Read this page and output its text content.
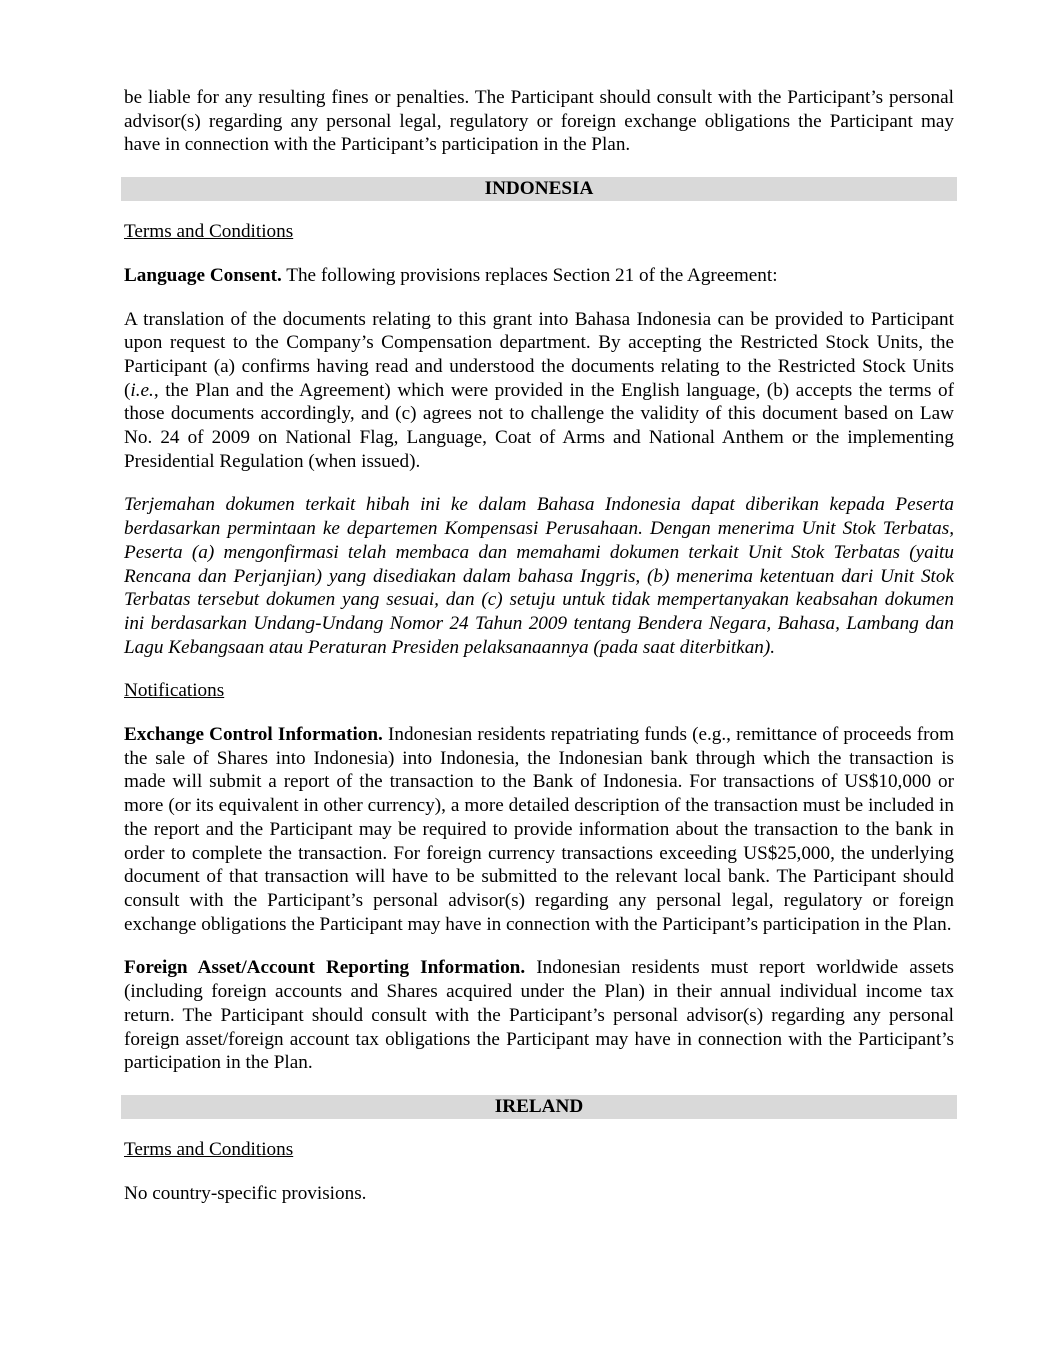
be liable for any resulting fines or penalties. The Participant should consult with the Participant’s personal advisor(s) regarding any personal legal, regulatory or foreign exchange obligations the Participant may have in connection with the Participant’s participation in the Plan.

INDONESIA

Terms and Conditions

Language Consent. The following provisions replaces Section 21 of the Agreement:

A translation of the documents relating to this grant into Bahasa Indonesia can be provided to Participant upon request to the Company’s Compensation department. By accepting the Restricted Stock Units, the Participant (a) confirms having read and understood the documents relating to the Restricted Stock Units (i.e., the Plan and the Agreement) which were provided in the English language, (b) accepts the terms of those documents accordingly, and (c) agrees not to challenge the validity of this document based on Law No. 24 of 2009 on National Flag, Language, Coat of Arms and National Anthem or the implementing Presidential Regulation (when issued).

Terjemahan dokumen terkait hibah ini ke dalam Bahasa Indonesia dapat diberikan kepada Peserta berdasarkan permintaan ke departemen Kompensasi Perusahaan. Dengan menerima Unit Stok Terbatas, Peserta (a) mengonfirmasi telah membaca dan memahami dokumen terkait Unit Stok Terbatas (yaitu Rencana dan Perjanjian) yang disediakan dalam bahasa Inggris, (b) menerima ketentuan dari Unit Stok Terbatas tersebut dokumen yang sesuai, dan (c) setuju untuk tidak mempertanyakan keabsahan dokumen ini berdasarkan Undang-Undang Nomor 24 Tahun 2009 tentang Bendera Negara, Bahasa, Lambang dan Lagu Kebangsaan atau Peraturan Presiden pelaksanaannya (pada saat diterbitkan).

Notifications

Exchange Control Information. Indonesian residents repatriating funds (e.g., remittance of proceeds from the sale of Shares into Indonesia) into Indonesia, the Indonesian bank through which the transaction is made will submit a report of the transaction to the Bank of Indonesia. For transactions of US$10,000 or more (or its equivalent in other currency), a more detailed description of the transaction must be included in the report and the Participant may be required to provide information about the transaction to the bank in order to complete the transaction. For foreign currency transactions exceeding US$25,000, the underlying document of that transaction will have to be submitted to the relevant local bank. The Participant should consult with the Participant’s personal advisor(s) regarding any personal legal, regulatory or foreign exchange obligations the Participant may have in connection with the Participant’s participation in the Plan.

Foreign Asset/Account Reporting Information. Indonesian residents must report worldwide assets (including foreign accounts and Shares acquired under the Plan) in their annual individual income tax return. The Participant should consult with the Participant’s personal advisor(s) regarding any personal foreign asset/foreign account tax obligations the Participant may have in connection with the Participant’s participation in the Plan.

IRELAND

Terms and Conditions

No country-specific provisions.
